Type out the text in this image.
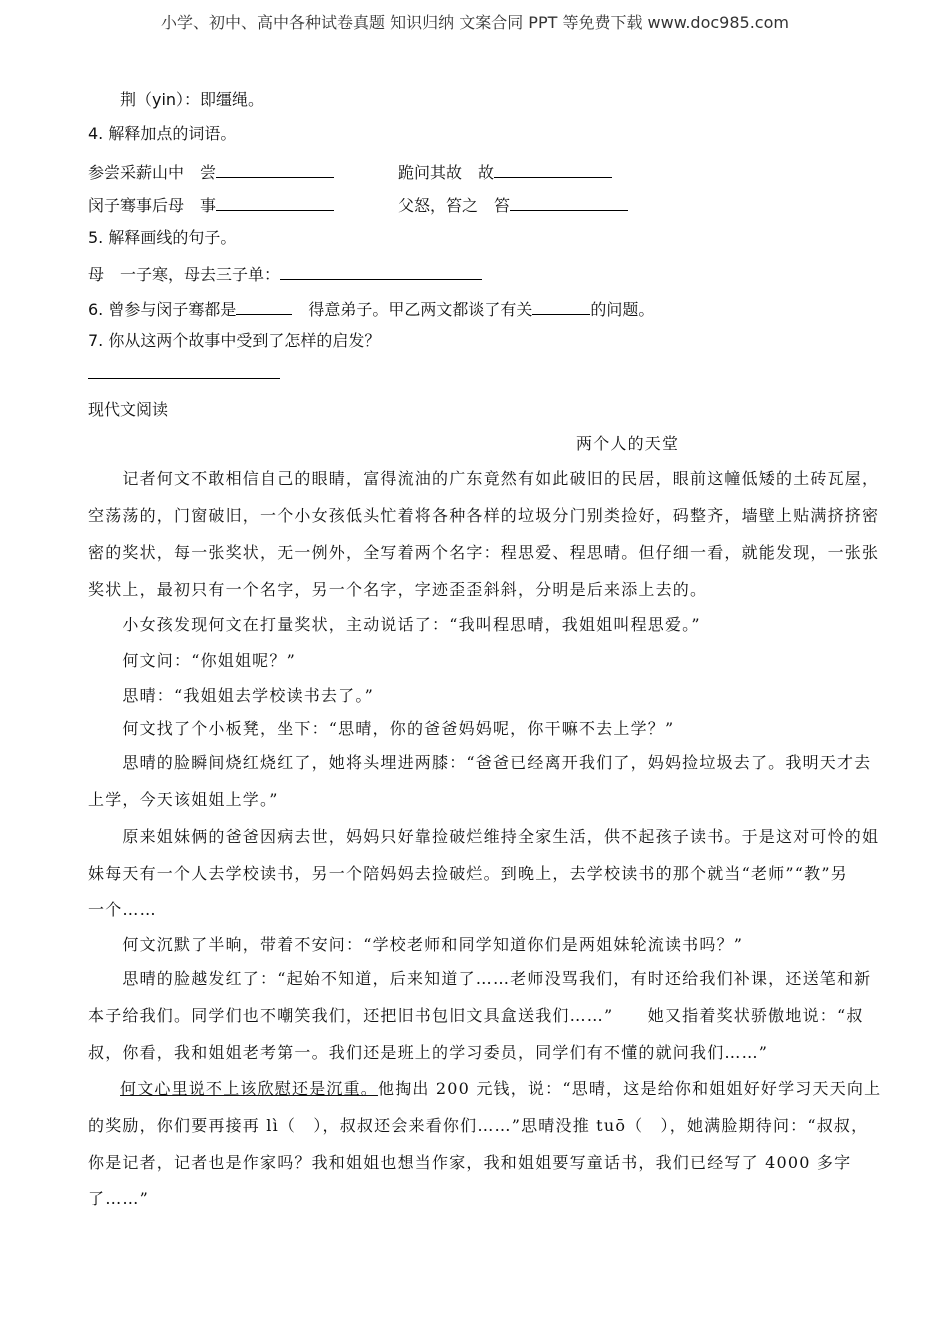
小学、初中、高中各种试卷真题 知识归纳 文案合同 PPT 等免费下载 www.doc985.com
荆（yin）：即缰绳。
4. 解释加点的词语。
参尝采薪山中　尝	跪问其故　故
闵子骞事后母　事	父怒，笞之　笞
5. 解释画线的句子。
母　一子寒，母去三子单：
6. 曾参与闵子骞都是	　得意弟子。甲乙两文都谈了有关	的问题。
7. 你从这两个故事中受到了怎样的启发？
现代文阅读
两个人的天堂
　　记者何文不敢相信自己的眼睛，富得流油的广东竟然有如此破旧的民居，眼前这幢低矮的土砖瓦屋，
空荡荡的，门窗破旧，一个小女孩低头忙着将各种各样的垃圾分门别类捡好，码整齐，墙壁上贴满挤挤密
密的奖状，每一张奖状，无一例外，全写着两个名字：程思爱、程思晴。但仔细一看，就能发现，一张张
奖状上，最初只有一个名字，另一个名字，字迹歪歪斜斜，分明是后来添上去的。
　　小女孩发现何文在打量奖状，主动说话了：“我叫程思晴，我姐姐叫程思爱。”
　　何文问：“你姐姐呢？”
　　思晴：“我姐姐去学校读书去了。”
　　何文找了个小板凳，坐下：“思晴，你的爸爸妈妈呢，你干嘛不去上学？”
　　思晴的脸瞬间烧红烧红了，她将头埋进两膝：“爸爸已经离开我们了，妈妈捡垃圾去了。我明天才去
上学，今天该姐姐上学。”
　　原来姐妹俩的爸爸因病去世，妈妈只好靠捡破烂维持全家生活，供不起孩子读书。于是这对可怜的姐
妹每天有一个人去学校读书，另一个陪妈妈去捡破烂。到晚上，去学校读书的那个就当“老师”“教”另
一个……
　　何文沉默了半晌，带着不安问：“学校老师和同学知道你们是两姐妹轮流读书吗？”
　　思晴的脸越发红了：“起始不知道，后来知道了……老师没骂我们，有时还给我们补课，还送笔和新
本子给我们。同学们也不嘲笑我们，还把旧书包旧文具盒送我们……”　　她又指着奖状骄傲地说：“叔
叔，你看，我和姐姐老考第一。我们还是班上的学习委员，同学们有不懂的就问我们……”
何文心里说不上该欣慰还是沉重。他掏出 200 元钱，说：“思晴，这是给你和姐姐好好学习天天向上
的奖励，你们要再接再 lì（　），叔叔还会来看你们……”思晴没推 tuō（　），她满脸期待问：“叔叔，
你是记者，记者也是作家吗？我和姐姐也想当作家，我和姐姐要写童话书，我们已经写了 4000 多字
了……”
